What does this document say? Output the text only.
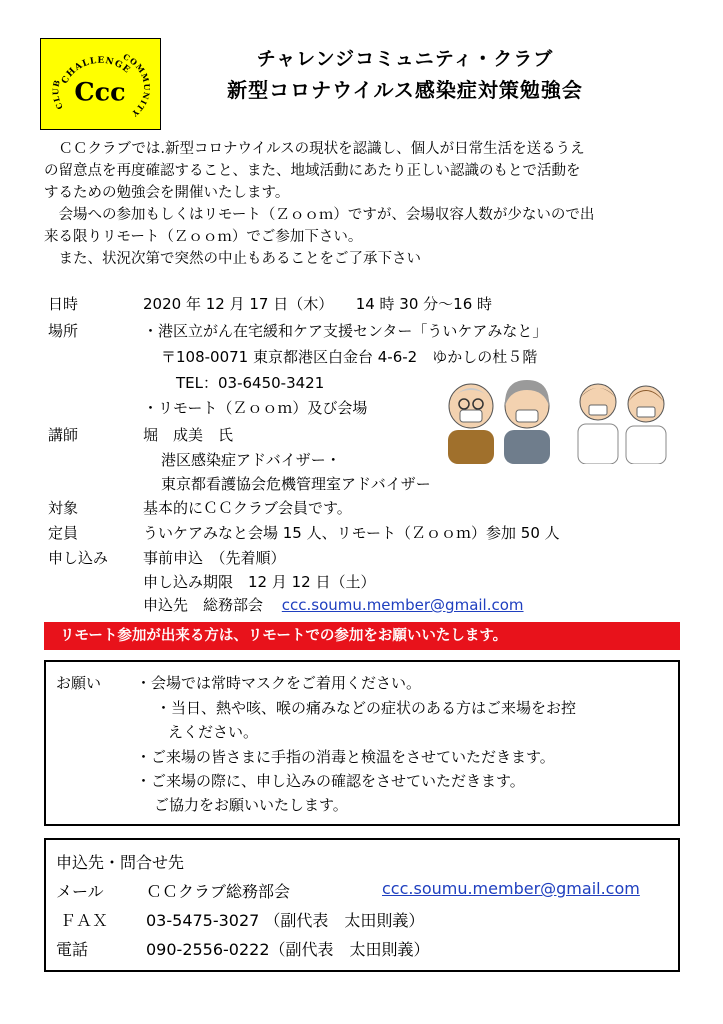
CHALLENGE
COMMUNITY
CLUB Ccc
チャレンジコミュニティ・クラブ
新型コロナウイルス感染症対策勉強会
　ＣＣクラブでは.新型コロナウイルスの現状を認識し、個人が日常生活を送るうえ
の留意点を再度確認すること、また、地域活動にあたり正しい認識のもとで活動を
するための勉強会を開催いたします。
　会場への参加もしくはリモート（Ｚｏｏｍ）ですが、会場収容人数が少ないので出
来る限りリモート（Ｚｏｏｍ）でご参加下さい。
　また、状況次第で突然の中止もあることをご了承下さい
日時	2020 年 12 月 17 日（木）　　14 時 30 分～16 時
場所	・港区立がん在宅緩和ケア支援センター「ういケアみなと」
〒108-0071 東京都港区白金台 4-6-2　ゆかしの杜５階
TEL：03-6450-3421
・リモート（Ｚｏｏｍ）及び会場
講師	堀　成美　氏
港区感染症アドバイザー・
東京都看護協会危機管理室アドバイザー
対象	基本的にＣＣクラブ会員です。
定員	ういケアみなと会場 15 人、リモート（Ｚｏｏｍ）参加 50 人
申し込み 事前申込　（先着順）
申し込み期限　12 月 12 日（土）
申込先　総務部会 ccc.soumu.member@gmail.com
リモート参加が出来る方は、リモートでの参加をお願いいたします。
お願い ・会場では常時マスクをご着用ください。
・当日、熱や咳、喉の痛みなどの症状のある方はご来場をお控
えください。
・ご来場の皆さまに手指の消毒と検温をさせていただきます。
・ご来場の際に、申し込みの確認をさせていただきます。
ご協力をお願いいたします。
申込先・問合せ先
メール	ＣＣクラブ総務部会	ccc.soumu.member@gmail.com
ＦＡＸ 03-5475-3027 （副代表　太田則義）
電話	090-2556-0222（副代表　太田則義）
